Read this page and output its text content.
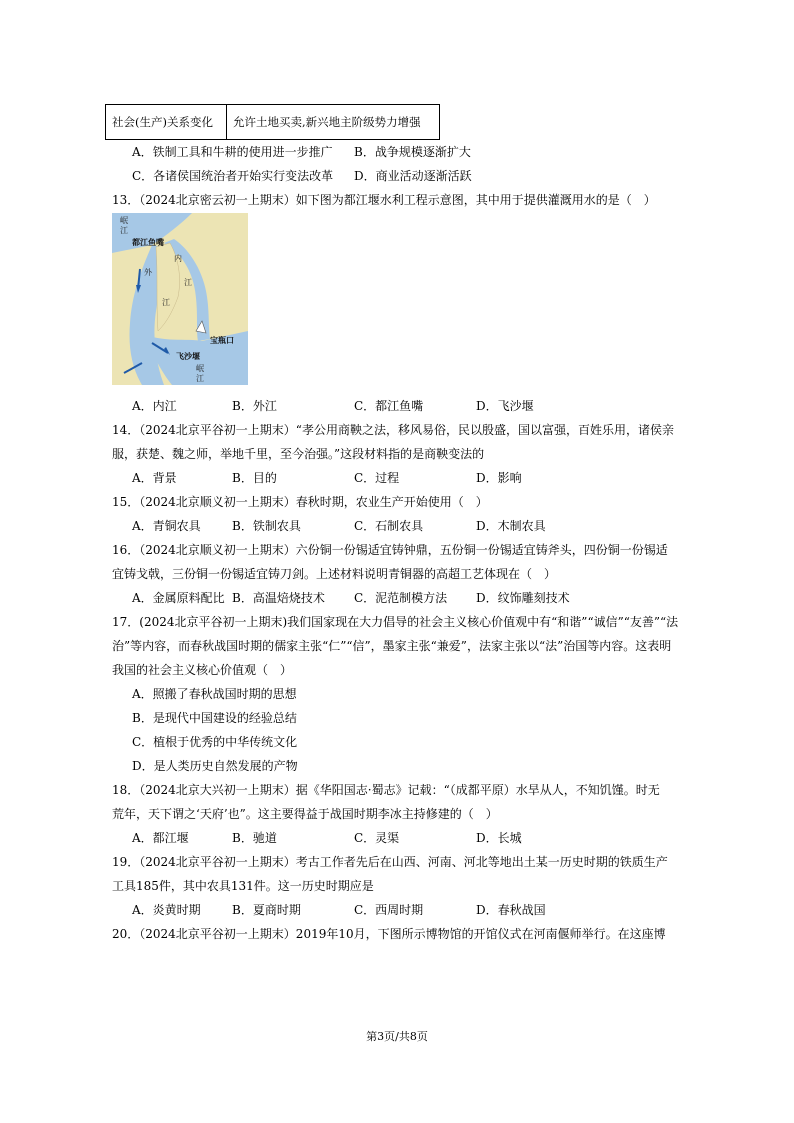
社会(生产)关系变化	允许土地买卖,新兴地主阶级势力增强
A．铁制工具和牛耕的使用进一步推广 B．战争规模逐渐扩大
C．各诸侯国统治者开始实行变法改革 D．商业活动逐渐活跃
13．（2024北京密云初一上期末）如下图为都江堰水利工程示意图，其中用于提供灌溉用水的是（　）
岷
江
都江鱼嘴
内
江
外
江
宝瓶口
飞沙堰
岷
江
A．内江	B．外江	C．都江鱼嘴	D．飞沙堰
14．（2024北京平谷初一上期末）“孝公用商鞅之法，移风易俗，民以殷盛，国以富强，百姓乐用，诸侯亲
服，获楚、魏之师，举地千里，至今治强。”这段材料指的是商鞅变法的
A．背景	B．目的	C．过程	D．影响
15．（2024北京顺义初一上期末）春秋时期，农业生产开始使用（　）
A．青铜农具	B．铁制农具	C．石制农具	D．木制农具
16．（2024北京顺义初一上期末）六份铜一份锡适宜铸钟鼎，五份铜一份锡适宜铸斧头，四份铜一份锡适
宜铸戈戟，三份铜一份锡适宜铸刀剑。上述材料说明青铜器的高超工艺体现在（　）
A．金属原料配比 B．高温焙烧技术 C．泥范制模方法 D．纹饰雕刻技术
17．(2024北京平谷初一上期末)我们国家现在大力倡导的社会主义核心价值观中有“和谐”“诚信”“友善”“法
治”等内容，而春秋战国时期的儒家主张“仁”“信”，墨家主张“兼爱”，法家主张以“法”治国等内容。这表明
我国的社会主义核心价值观（　）
A．照搬了春秋战国时期的思想
B．是现代中国建设的经验总结
C．植根于优秀的中华传统文化
D．是人类历史自然发展的产物
18．（2024北京大兴初一上期末）据《华阳国志·蜀志》记载：“（成都平原）水旱从人，不知饥馑。时无
荒年，天下谓之‘天府’也”。这主要得益于战国时期李冰主持修建的（　）
A．都江堰	B．驰道	C．灵渠	D．长城
19．（2024北京平谷初一上期末）考古工作者先后在山西、河南、河北等地出土某一历史时期的铁质生产
工具185件，其中农具131件。这一历史时期应是
A．炎黄时期	B．夏商时期	C．西周时期	D．春秋战国
20．（2024北京平谷初一上期末）2019年10月，下图所示博物馆的开馆仪式在河南偃师举行。在这座博
第3页/共8页
